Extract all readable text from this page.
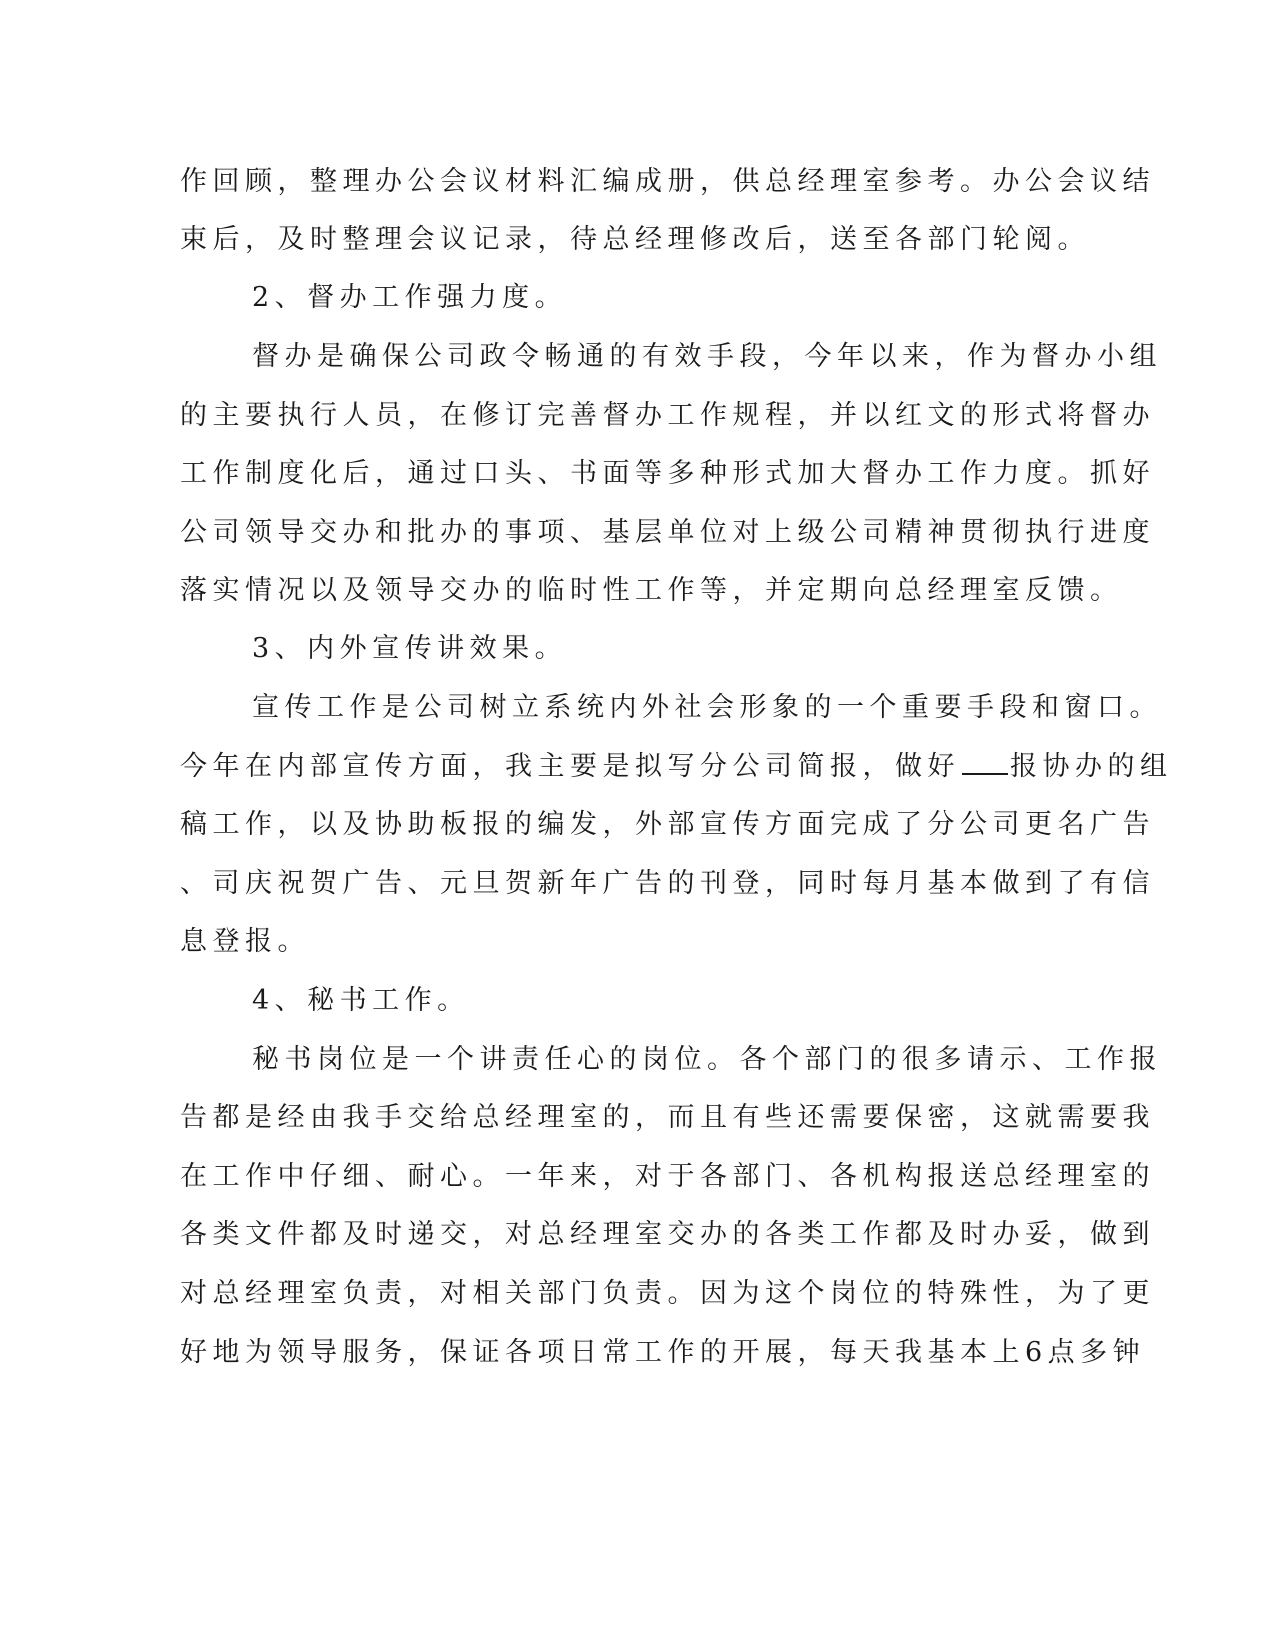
作回顾，整理办公会议材料汇编成册，供总经理室参考。办公会议结
束后，及时整理会议记录，待总经理修改后，送至各部门轮阅。
2、督办工作强力度。
督办是确保公司政令畅通的有效手段，今年以来，作为督办小组
的主要执行人员，在修订完善督办工作规程，并以红文的形式将督办
工作制度化后，通过口头、书面等多种形式加大督办工作力度。抓好
公司领导交办和批办的事项、基层单位对上级公司精神贯彻执行进度
落实情况以及领导交办的临时性工作等，并定期向总经理室反馈。
3、内外宣传讲效果。
宣传工作是公司树立系统内外社会形象的一个重要手段和窗口。
今年在内部宣传方面，我主要是拟写分公司简报，做好 报协办的组
稿工作，以及协助板报的编发，外部宣传方面完成了分公司更名广告
、司庆祝贺广告、元旦贺新年广告的刊登，同时每月基本做到了有信
息登报。
4、秘书工作。
秘书岗位是一个讲责任心的岗位。各个部门的很多请示、工作报
告都是经由我手交给总经理室的，而且有些还需要保密，这就需要我
在工作中仔细、耐心。一年来，对于各部门、各机构报送总经理室的
各类文件都及时递交，对总经理室交办的各类工作都及时办妥，做到
对总经理室负责，对相关部门负责。因为这个岗位的特殊性，为了更
好地为领导服务，保证各项日常工作的开展，每天我基本上6点多钟
